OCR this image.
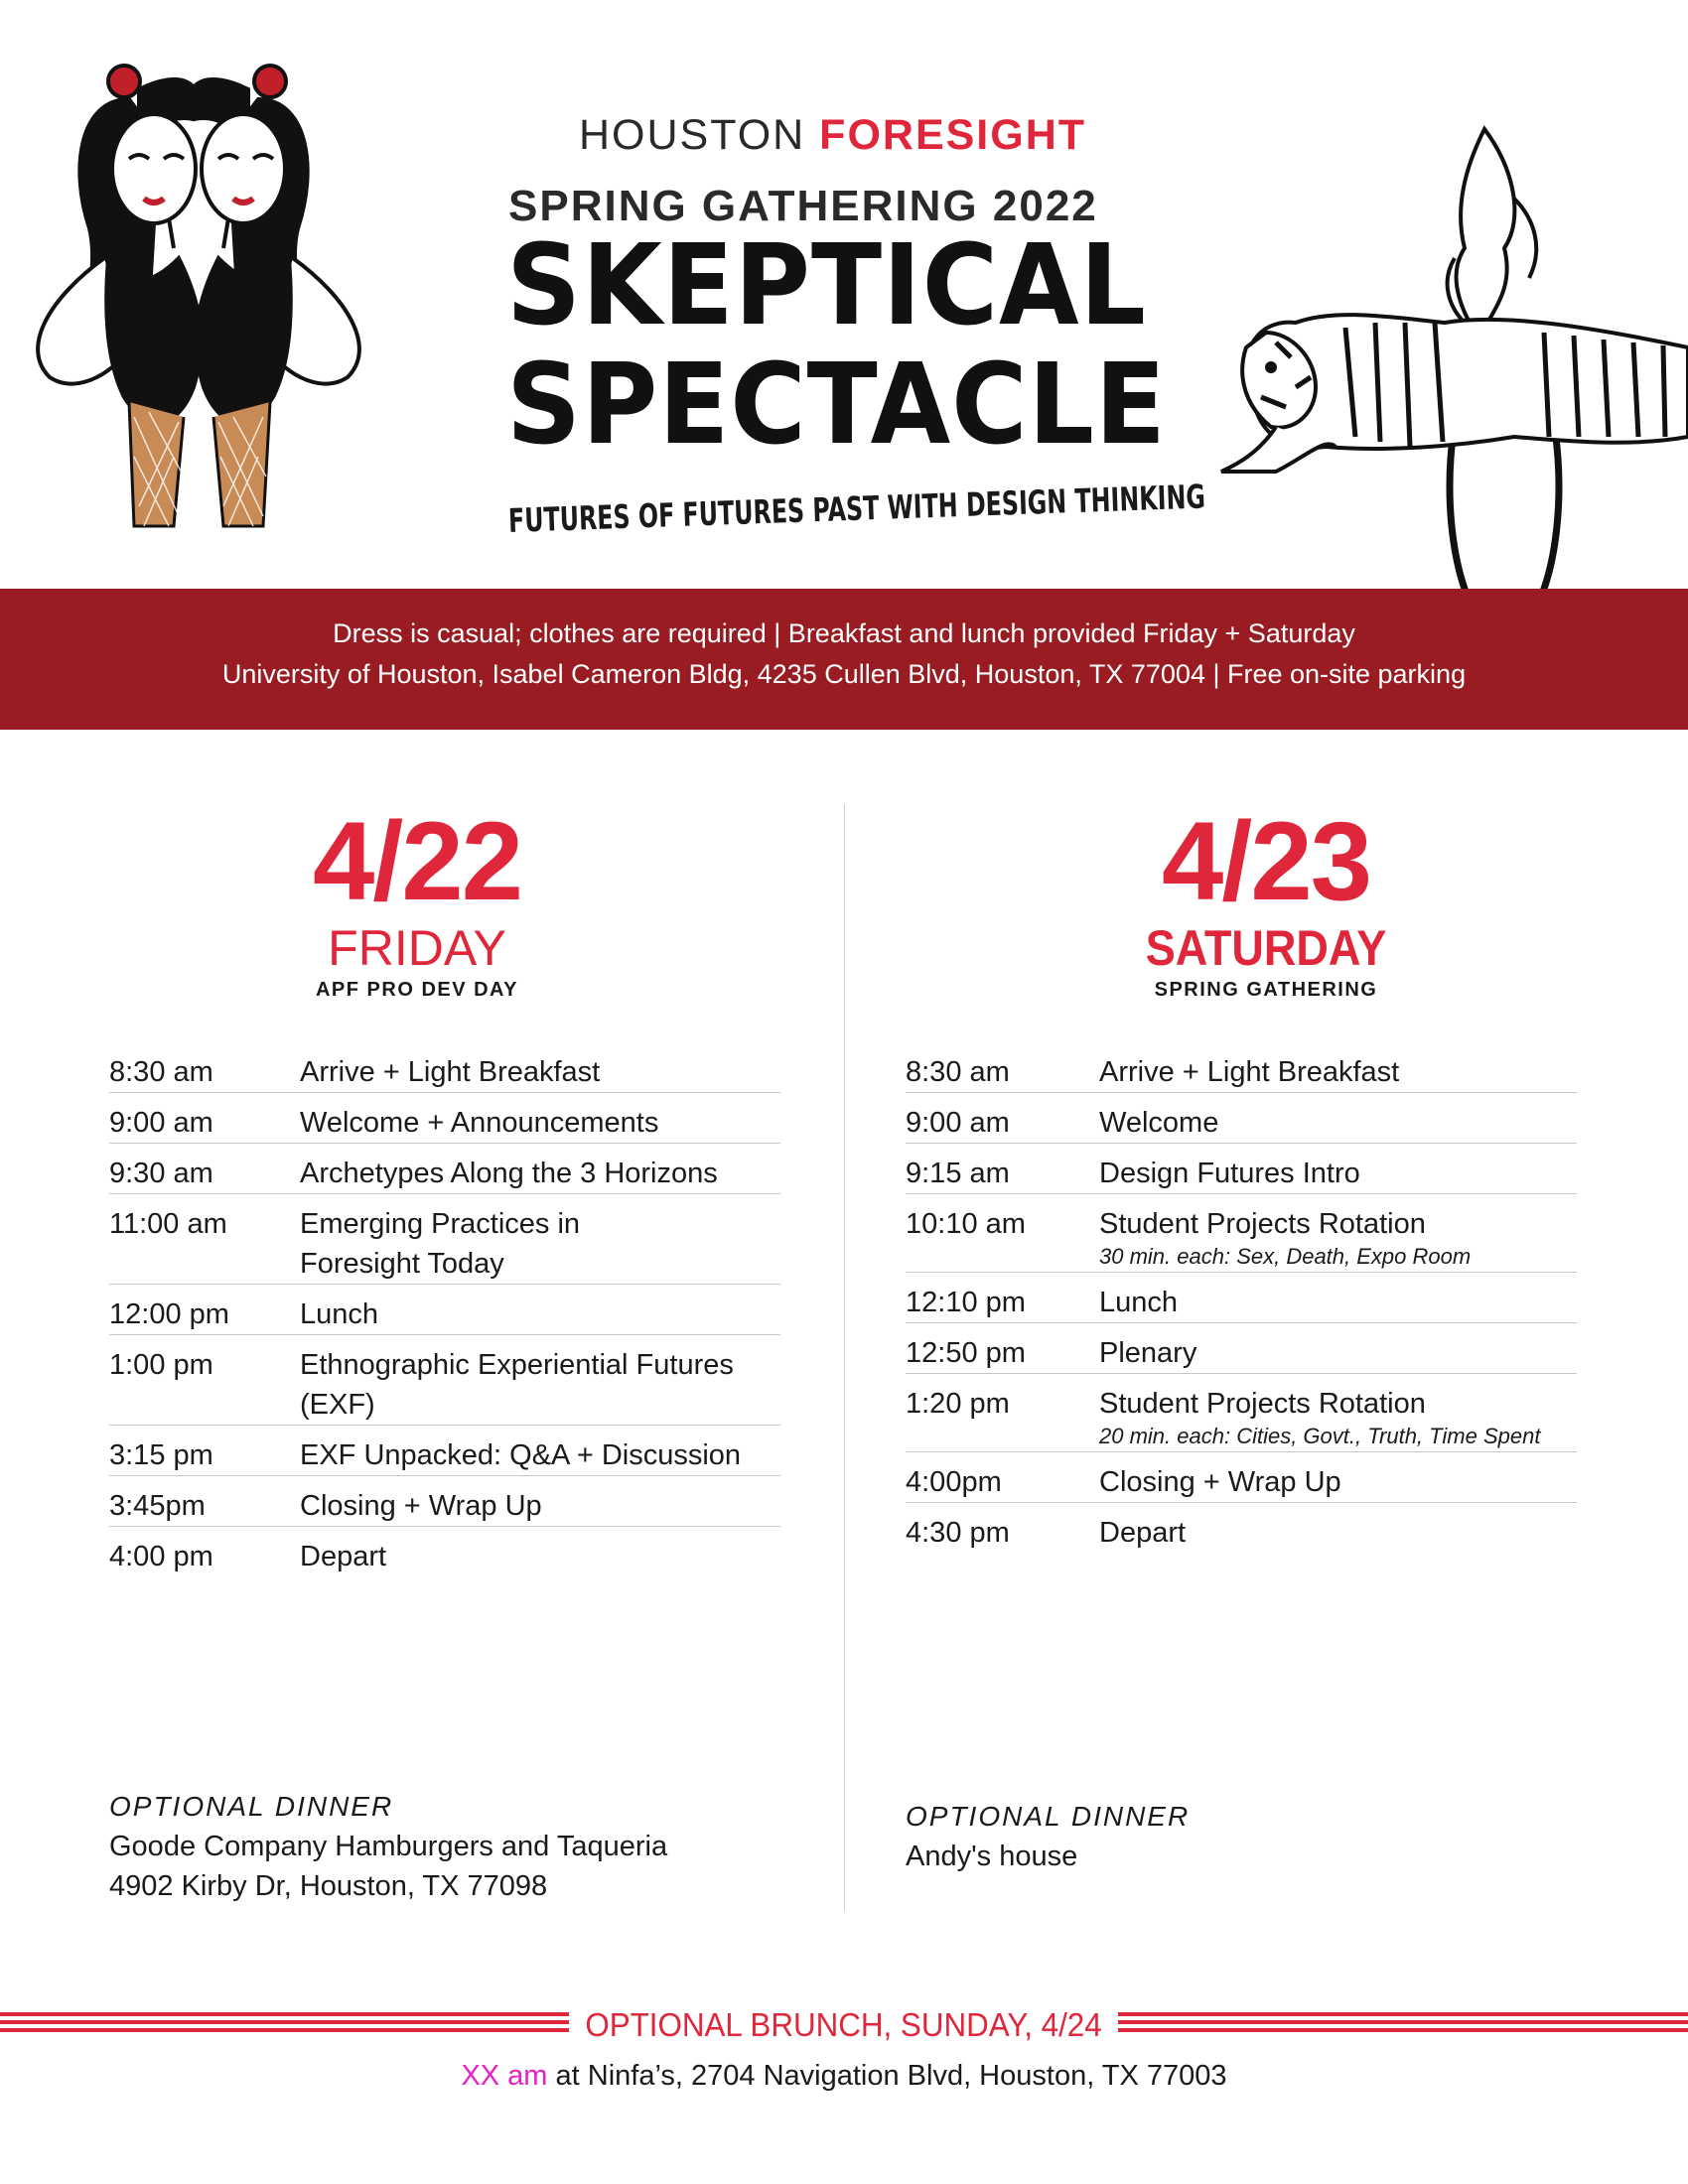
HOUSTON FORESIGHT
SPRING GATHERING 2022
SKEPTICAL
SPECTACLE
FUTURES OF FUTURES PAST WITH DESIGN THINKING
Dress is casual; clothes are required | Breakfast and lunch provided Friday + Saturday
University of Houston, Isabel Cameron Bldg, 4235 Cullen Blvd, Houston, TX 77004 | Free on-site parking
4/22
FRIDAY
APF PRO DEV DAY
8:30 am	Arrive + Light Breakfast
9:00 am	Welcome + Announcements
9:30 am	Archetypes Along the 3 Horizons
11:00 am	Emerging Practices in
Foresight Today
12:00 pm	Lunch
1:00 pm	Ethnographic Experiential Futures (EXF)
3:15 pm	EXF Unpacked: Q&A + Discussion
3:45pm	Closing + Wrap Up
4:00 pm	Depart
OPTIONAL DINNER
Goode Company Hamburgers and Taqueria
4902 Kirby Dr, Houston, TX 77098
4/23
SATURDAY
SPRING GATHERING
8:30 am	Arrive + Light Breakfast
9:00 am	Welcome
9:15 am	Design Futures Intro
10:10 am	Student Projects Rotation
30 min. each: Sex, Death, Expo Room
12:10 pm	Lunch
12:50 pm	Plenary
1:20 pm	Student Projects Rotation
20 min. each: Cities, Govt., Truth, Time Spent
4:00pm	Closing + Wrap Up
4:30 pm	Depart
OPTIONAL DINNER
Andy's house
OPTIONAL BRUNCH, SUNDAY, 4/24
XX am at Ninfa’s, 2704 Navigation Blvd, Houston, TX 77003
